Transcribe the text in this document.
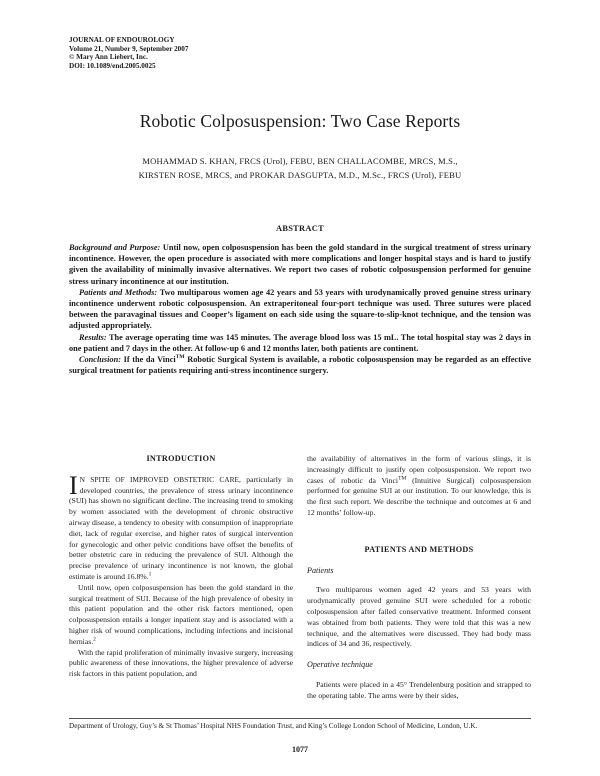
JOURNAL OF ENDOUROLOGY
Volume 21, Number 9, September 2007
© Mary Ann Liebert, Inc.
DOI: 10.1089/end.2005.0025
Robotic Colposuspension: Two Case Reports
MOHAMMAD S. KHAN, FRCS (Urol), FEBU, BEN CHALLACOMBE, MRCS, M.S.,
KIRSTEN ROSE, MRCS, and PROKAR DASGUPTA, M.D., M.Sc., FRCS (Urol), FEBU
ABSTRACT

Background and Purpose: Until now, open colposuspension has been the gold standard in the surgical treatment of stress urinary incontinence. However, the open procedure is associated with more complications and longer hospital stays and is hard to justify given the availability of minimally invasive alternatives. We report two cases of robotic colposuspension performed for genuine stress urinary incontinence at our institution.

Patients and Methods: Two multiparous women age 42 years and 53 years with urodynamically proved genuine stress urinary incontinence underwent robotic colposuspension. An extraperitoneal four-port technique was used. Three sutures were placed between the paravaginal tissues and Cooper’s ligament on each side using the square-to-slip-knot technique, and the tension was adjusted appropriately.

Results: The average operating time was 145 minutes. The average blood loss was 15 mL. The total hospital stay was 2 days in one patient and 7 days in the other. At follow-up 6 and 12 months later, both patients are continent.

Conclusion: If the da Vinci™ Robotic Surgical System is available, a robotic colposuspension may be regarded as an effective surgical treatment for patients requiring anti-stress incontinence surgery.

INTRODUCTION

I N SPITE OF IMPROVED OBSTETRIC CARE, particularly in developed countries, the prevalence of stress urinary incontinence (SUI) has shown no significant decline. The increasing trend to smoking by women associated with the development of chronic obstructive airway disease, a tendency to obesity with consumption of inappropriate diet, lack of regular exercise, and higher rates of surgical intervention for gynecologic and other pelvic conditions have offset the benefits of better obstetric care in reducing the prevalence of SUI. Although the precise prevalence of urinary incontinence is not known, the global estimate is around 16.8%.$^1$

Until now, open colposuspension has been the gold standard in the surgical treatment of SUI. Because of the high prevalence of obesity in this patient population and the other risk factors mentioned, open colposuspension entails a longer inpatient stay and is associated with a higher risk of wound complications, including infections and incisional hernias.$^2$

With the rapid proliferation of minimally invasive surgery, increasing public awareness of these innovations, the higher prevalence of adverse risk factors in this patient population, and

the availability of alternatives in the form of various slings, it is increasingly difficult to justify open colposuspension. We report two cases of robotic da Vinci™ (Intuitive Surgical) colposuspension performed for genuine SUI at our institution. To our knowledge, this is the first such report. We describe the technique and outcomes at 6 and 12 months’ follow-up.

PATIENTS AND METHODS
Patients

Two multiparous women aged 42 years and 53 years with urodynamically proved genuine SUI were scheduled for a robotic colposuspension after failed conservative treatment. Informed consent was obtained from both patients. They were told that this was a new technique, and the alternatives were discussed. They had body mass indices of 34 and 36, respectively.

Operative technique

Patients were placed in a 45° Trendelenburg position and strapped to the operating table. The arms were by their sides,

Department of Urology, Guy’s & St Thomas’ Hospital NHS Foundation Trust, and King’s College London School of Medicine, London, U.K.
1077
